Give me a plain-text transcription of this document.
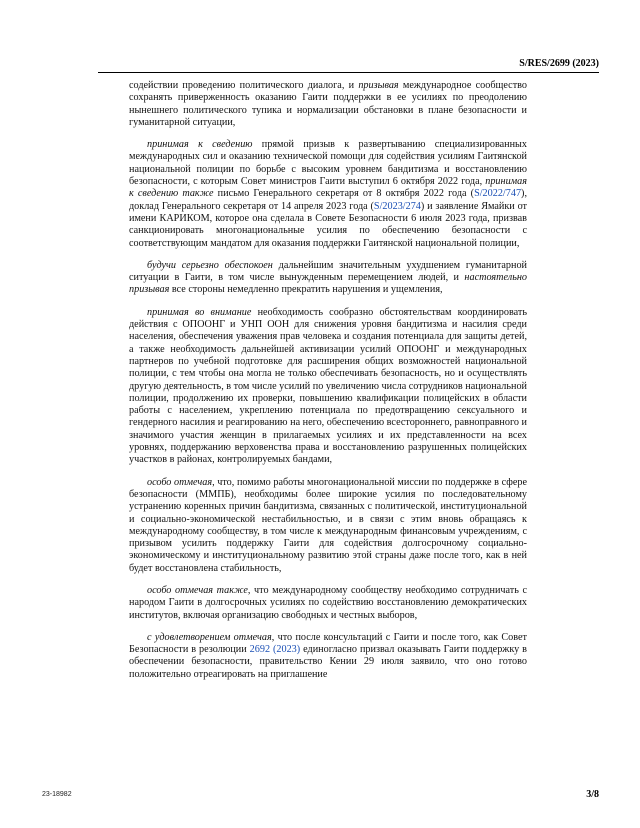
S/RES/2699 (2023)

содействии проведению политического диалога, и призывая международное сообщество сохранять приверженность оказанию Гаити поддержки в ее усилиях по преодолению нынешнего политического тупика и нормализации обстановки в плане безопасности и гуманитарной ситуации,

принимая к сведению прямой призыв к развертыванию специализированных международных сил и оказанию технической помощи для содействия усилиям Гаитянской национальной полиции по борьбе с высоким уровнем бандитизма и восстановлению безопасности, с которым Совет министров Гаити выступил 6 октября 2022 года, принимая к сведению также письмо Генерального секретаря от 8 октября 2022 года (S/2022/747), доклад Генерального секретаря от 14 апреля 2023 года (S/2023/274) и заявление Ямайки от имени КАРИКОМ, которое она сделала в Совете Безопасности 6 июля 2023 года, призвав санкционировать многонациональные усилия по обеспечению безопасности с соответствующим мандатом для оказания поддержки Гаитянской национальной полиции,

будучи серьезно обеспокоен дальнейшим значительным ухудшением гуманитарной ситуации в Гаити, в том числе вынужденным перемещением людей, и настоятельно призывая все стороны немедленно прекратить нарушения и ущемления,

принимая во внимание необходимость сообразно обстоятельствам координировать действия с ОПООНГ и УНП ООН для снижения уровня бандитизма и насилия среди населения, обеспечения уважения прав человека и создания потенциала для защиты детей, а также необходимость дальнейшей активизации усилий ОПООНГ и международных партнеров по учебной подготовке для расширения общих возможностей национальной полиции, с тем чтобы она могла не только обеспечивать безопасность, но и осуществлять другую деятельность, в том числе усилий по увеличению числа сотрудников национальной полиции, продолжению их проверки, повышению квалификации полицейских в области работы с населением, укреплению потенциала по предотвращению сексуального и гендерного насилия и реагированию на него, обеспечению всестороннего, равноправного и значимого участия женщин в прилагаемых усилиях и их представленности на всех уровнях, поддержанию верховенства права и восстановлению разрушенных полицейских участков в районах, контролируемых бандами,

особо отмечая, что, помимо работы многонациональной миссии по поддержке в сфере безопасности (ММПБ), необходимы более широкие усилия по последовательному устранению коренных причин бандитизма, связанных с политической, институциональной и социально-экономической нестабильностью, и в связи с этим вновь обращаясь к международному сообществу, в том числе к международным финансовым учреждениям, с призывом усилить поддержку Гаити для содействия долгосрочному социально-экономическому и институциональному развитию этой страны даже после того, как в ней будет восстановлена стабильность,

особо отмечая также, что международному сообществу необходимо сотрудничать с народом Гаити в долгосрочных усилиях по содействию восстановлению демократических институтов, включая организацию свободных и честных выборов,

с удовлетворением отмечая, что после консультаций с Гаити и после того, как Совет Безопасности в резолюции 2692 (2023) единогласно призвал оказывать Гаити поддержку в обеспечении безопасности, правительство Кении 29 июля заявило, что оно готово положительно отреагировать на приглашение

23-18982	3/8
